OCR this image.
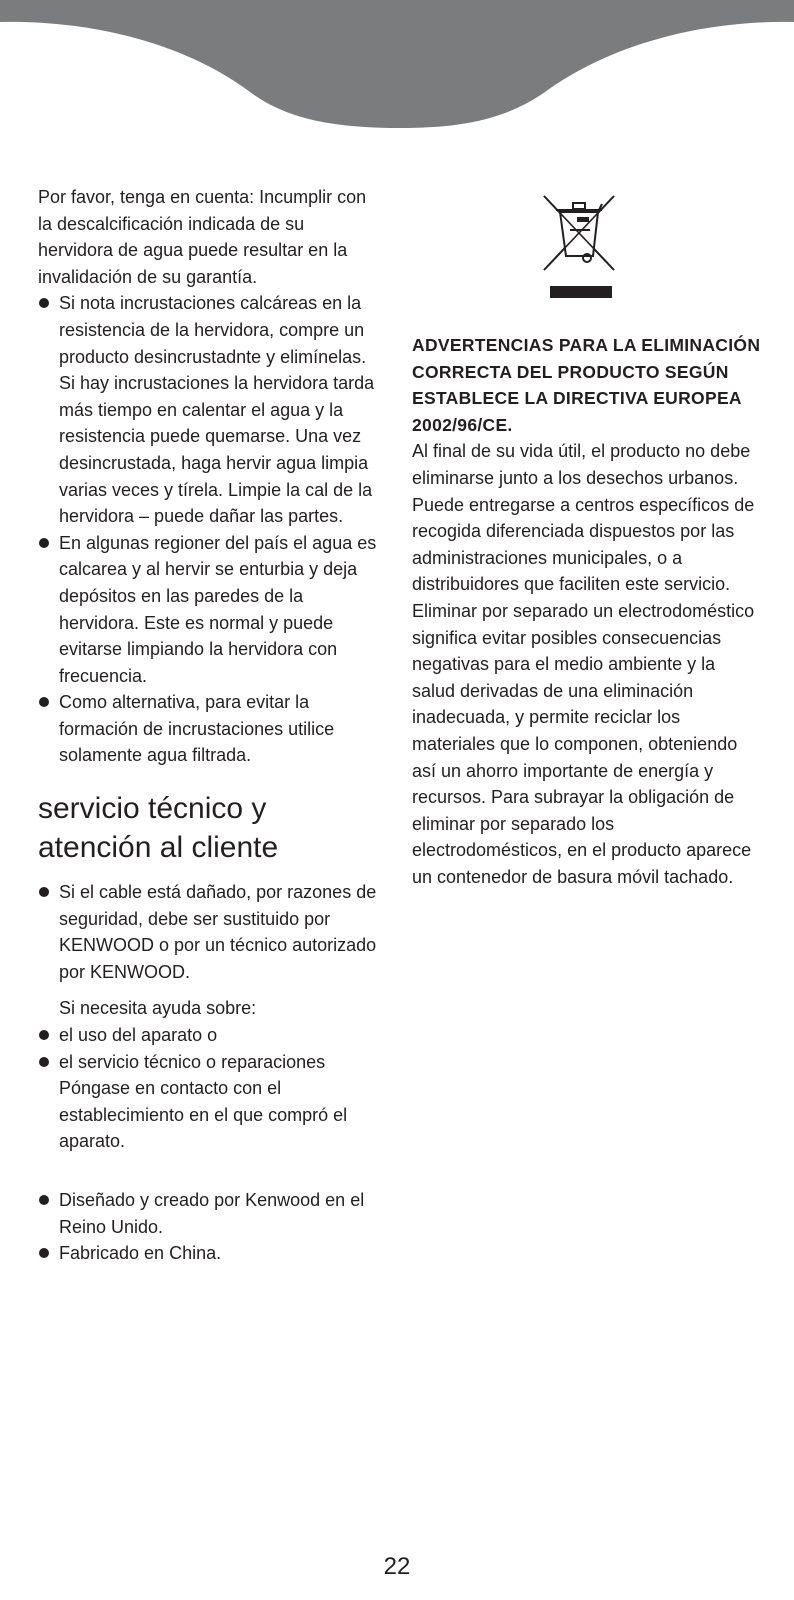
Por favor, tenga en cuenta: Incumplir con la descalcificación indicada de su hervidora de agua puede resultar en la invalidación de su garantía.

Si nota incrustaciones calcáreas en la resistencia de la hervidora, compre un producto desincrustadnte y elimínelas. Si hay incrustaciones la hervidora tarda más tiempo en calentar el agua y la resistencia puede quemarse. Una vez desincrustada, haga hervir agua limpia varias veces y tírela. Limpie la cal de la hervidora – puede dañar las partes.
En algunas regioner del país el agua es calcarea y al hervir se enturbia y deja depósitos en las paredes de la hervidora. Este es normal y puede evitarse limpiando la hervidora con frecuencia.
Como alternativa, para evitar la formación de incrustaciones utilice solamente agua filtrada.
servicio técnico y atención al cliente
Si el cable está dañado, por razones de seguridad, debe ser sustituido por KENWOOD o por un técnico autorizado por KENWOOD.

Si necesita ayuda sobre:

el uso del aparato o
el servicio técnico o reparaciones Póngase en contacto con el establecimiento en el que compró el aparato.
Diseñado y creado por Kenwood en el Reino Unido.
Fabricado en China.

ADVERTENCIAS PARA LA ELIMINACIÓN CORRECTA DEL PRODUCTO SEGÚN ESTABLECE LA DIRECTIVA EUROPEA 2002/96/CE.

Al final de su vida útil, el producto no debe eliminarse junto a los desechos urbanos.

Puede entregarse a centros específicos de recogida diferenciada dispuestos por las administraciones municipales, o a distribuidores que faciliten este servicio. Eliminar por separado un electrodoméstico significa evitar posibles consecuencias negativas para el medio ambiente y la salud derivadas de una eliminación inadecuada, y permite reciclar los materiales que lo componen, obteniendo así un ahorro importante de energía y recursos. Para subrayar la obligación de eliminar por separado los electrodomésticos, en el producto aparece un contenedor de basura móvil tachado.

22
